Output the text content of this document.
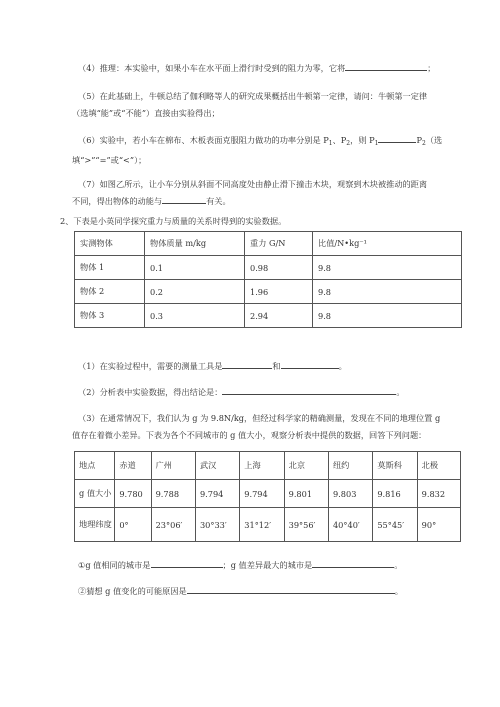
（4）推理：本实验中，如果小车在水平面上滑行时受到的阻力为零，它将	；
（5）在此基础上，牛顿总结了伽利略等人的研究成果概括出牛顿第一定律，请问：牛顿第一定律
（选填“能”或“不能”）直接由实验得出；
（6）实验中，若小车在棉布、木板表面克服阻力做功的功率分别是 $P_1$、$P_2$，则 $P_1$	$P_2$（选
填“>”“=”或“<”）；
（7）如图乙所示，让小车分别从斜面不同高度处由静止滑下撞击木块，观察到木块被推动的距离
不同，得出物体的动能与	有关。
2、下表是小英同学探究重力与质量的关系时得到的实验数据。
实测物体	物体质量 m/kg	重力 G/N	比值/N•kg⁻¹
物体 1	0.1	0.98	9.8
物体 2	0.2	1.96	9.8
物体 3	0.3	2.94	9.8
（1）在实验过程中，需要的测量工具是	和	。
（2）分析表中实验数据，得出结论是：	。
（3）在通常情况下，我们认为 g 为 9.8N/kg，但经过科学家的精确测量，发现在不同的地理位置 g
值存在着微小差异。下表为各个不同城市的 g 值大小，观察分析表中提供的数据，回答下列问题：
地点	赤道	广州	武汉	上海	北京	纽约	莫斯科	北极
g 值大小	9.780	9.788	9.794	9.794	9.801	9.803	9.816	9.832
地理纬度	0°	23°06′	30°33′	31°12′	39°56′	40°40′	55°45′	90°
①g 值相同的城市是	；g 值差异最大的城市是	。
②猜想 g 值变化的可能原因是	。
